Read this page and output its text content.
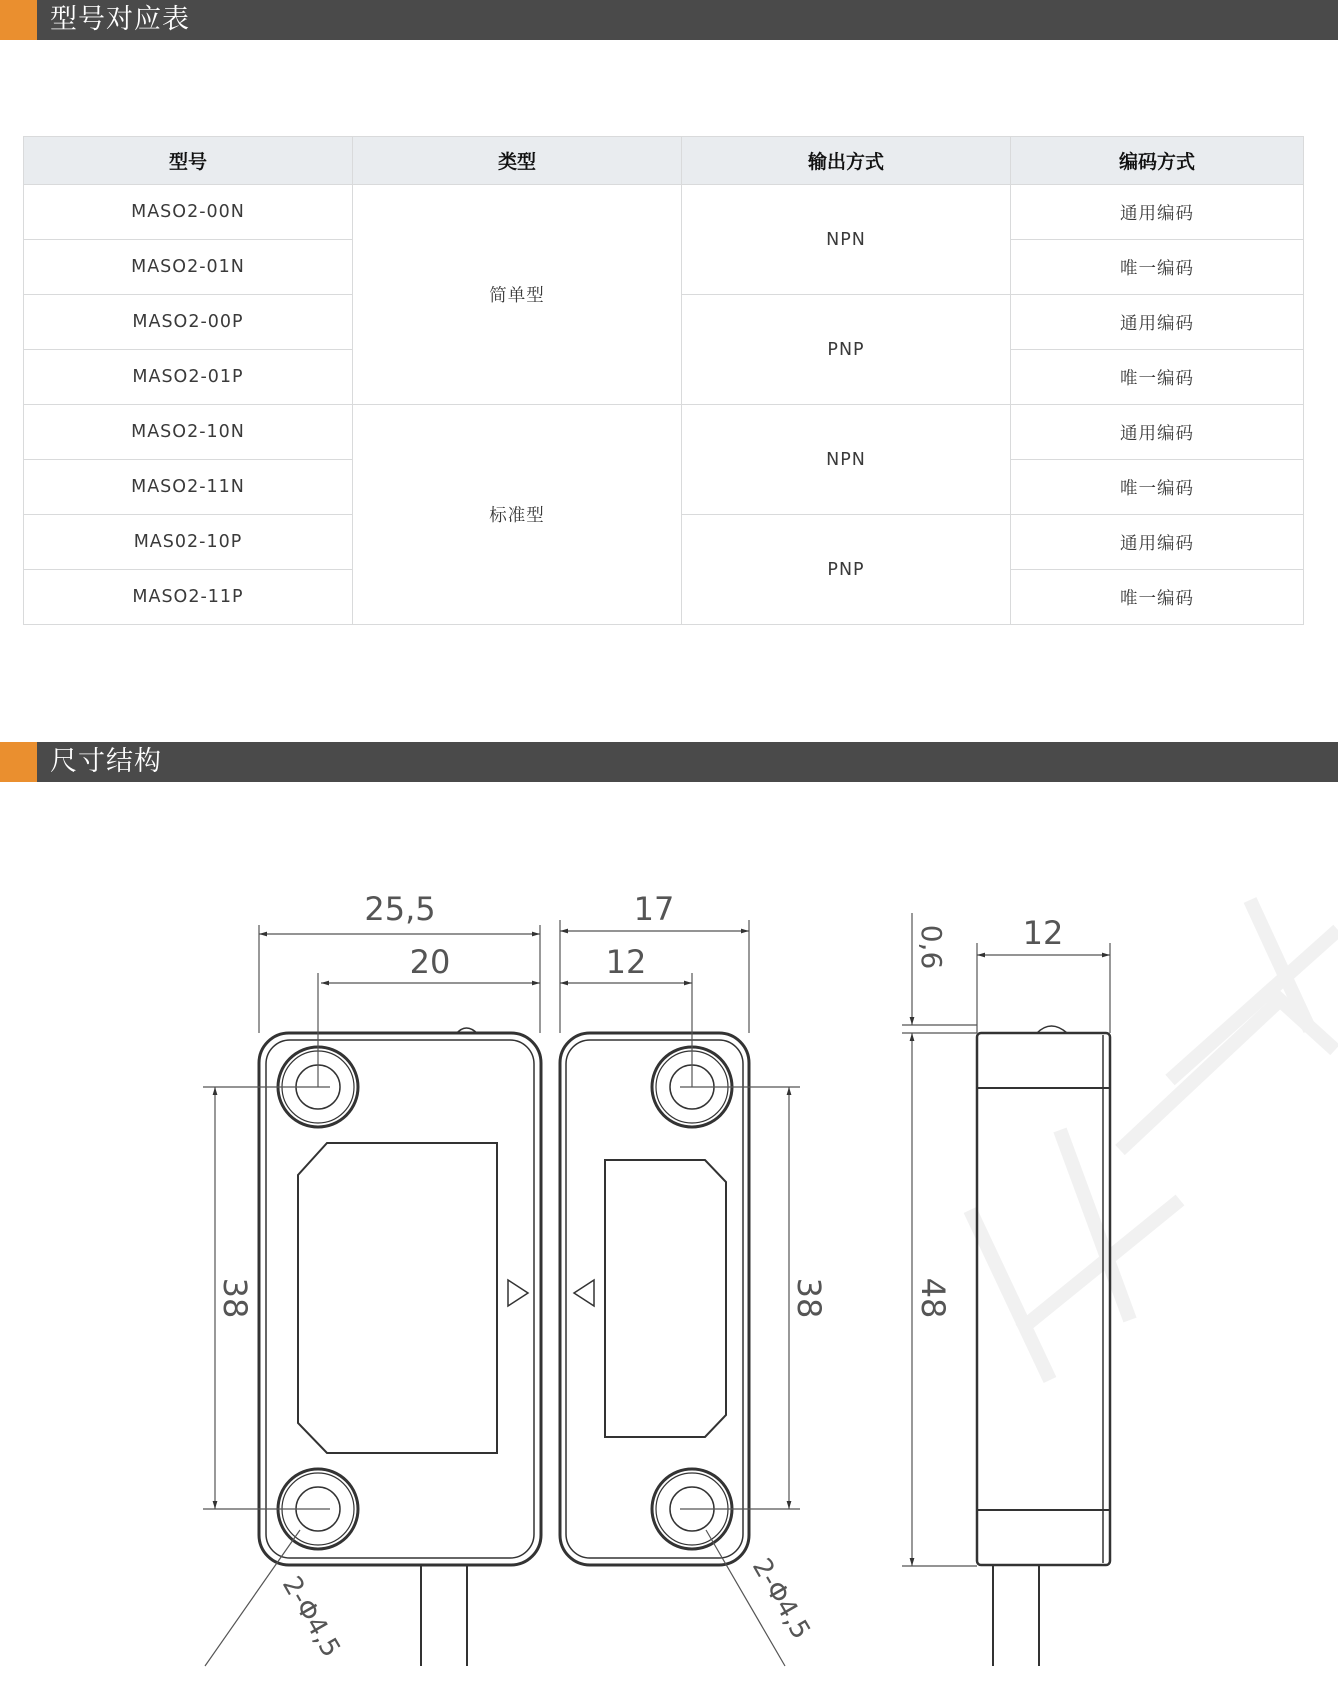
型号对应表
型号	类型	输出方式	编码方式
MASO2-00N	简单型	NPN	通用编码
MASO2-01N			唯一编码
MASO2-00P		PNP	通用编码
MASO2-01P			唯一编码
MASO2-10N	标准型	NPN	通用编码
MASO2-11N			唯一编码
MAS02-10P		PNP	通用编码
MASO2-11P			唯一编码
尺寸结构
25,5
20
38
2-Φ4,5
17
12
38
2-Φ4,5
12
0,6
48
